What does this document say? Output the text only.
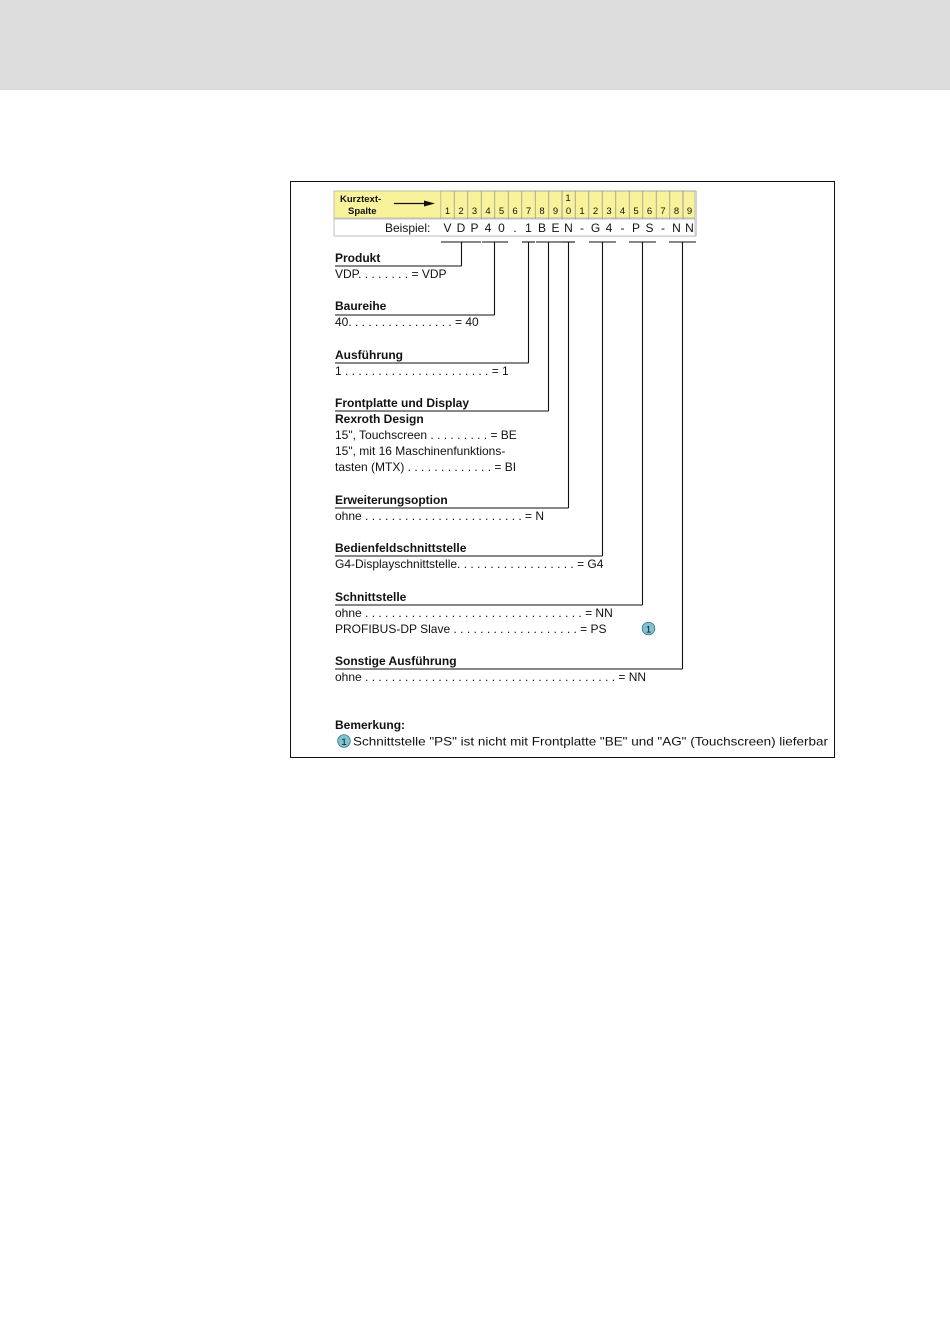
1 2 3 4 5 6 7 8 9 0 1 2 3 4 5 6 7 8 9
1
Kurztext-
Spalte
Beispiel: V D P 4 0 . 1 B E N - G 4 - P S - N N
Produkt
VDP. . . . . . . . = VDP
Baureihe
40. . . . . . . . . . . . . . . . = 40
Ausführung
1 . . . . . . . . . . . . . . . . . . . . . . = 1
Frontplatte und Display
Rexroth Design
15", Touchscreen . . . . . . . . . = BE
15", mit 16 Maschinenfunktions-
tasten (MTX) . . . . . . . . . . . . . = BI
Erweiterungsoption
ohne . . . . . . . . . . . . . . . . . . . . . . . . = N
Bedienfeldschnittstelle
G4-Displayschnittstelle. . . . . . . . . . . . . . . . . . = G4
Schnittstelle
ohne . . . . . . . . . . . . . . . . . . . . . . . . . . . . . . . . . = NN
PROFIBUS-DP Slave . . . . . . . . . . . . . . . . . . . = PS	1
Sonstige Ausführung
ohne . . . . . . . . . . . . . . . . . . . . . . . . . . . . . . . . . . . . . . = NN
Bemerkung:
1 Schnittstelle "PS" ist nicht mit Frontplatte "BE" und "AG" (Touchscreen) lieferbar
